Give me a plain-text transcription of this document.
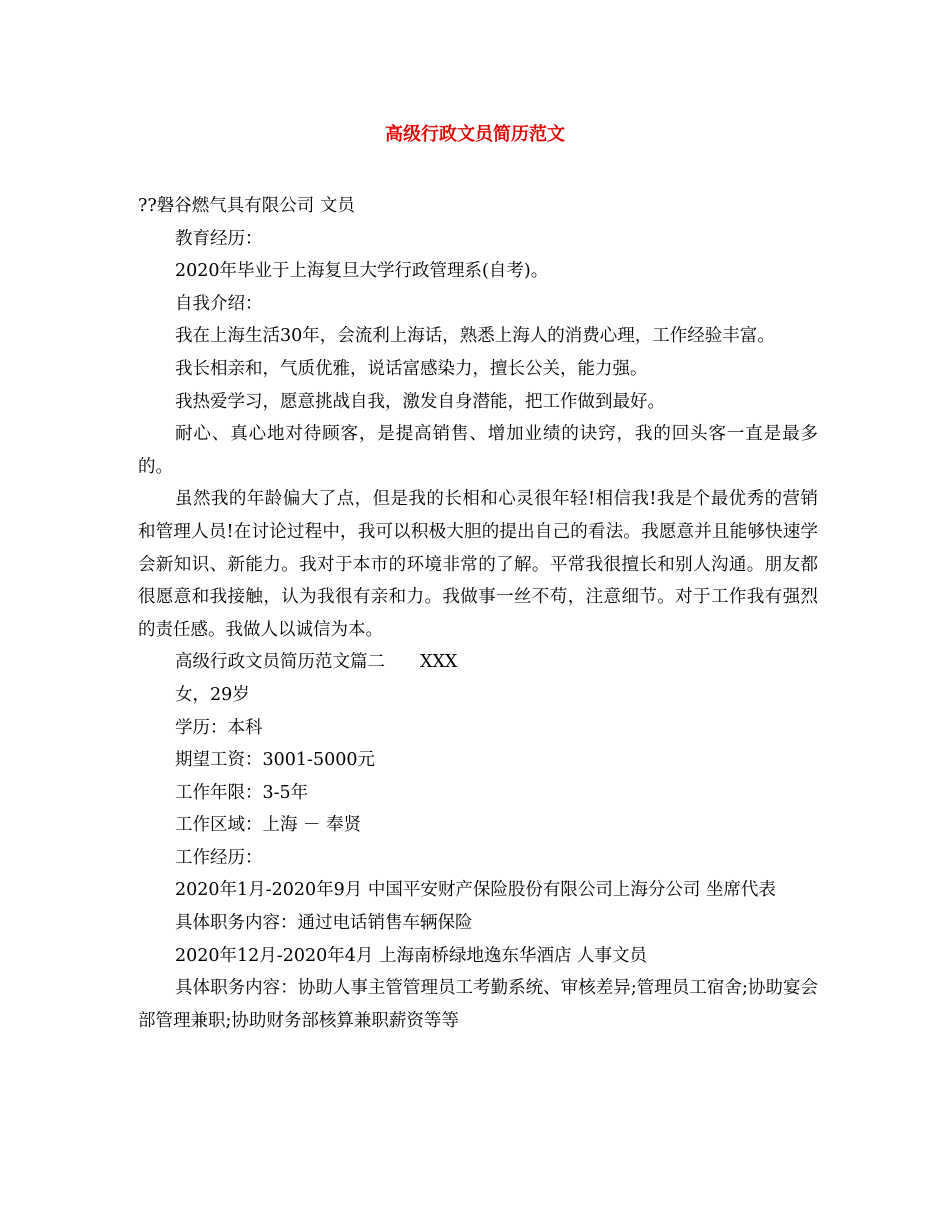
高级行政文员简历范文

??磐谷燃气具有限公司 文员

教育经历：

2020年毕业于上海复旦大学行政管理系(自考)。

自我介绍：

我在上海生活30年，会流利上海话，熟悉上海人的消费心理，工作经验丰富。

我长相亲和，气质优雅，说话富感染力，擅长公关，能力强。

我热爱学习，愿意挑战自我，激发自身潜能，把工作做到最好。

耐心、真心地对待顾客，是提高销售、增加业绩的诀窍，我的回头客一直是最多的。

虽然我的年龄偏大了点，但是我的长相和心灵很年轻!相信我!我是个最优秀的营销和管理人员!在讨论过程中，我可以积极大胆的提出自己的看法。我愿意并且能够快速学会新知识、新能力。我对于本市的环境非常的了解。平常我很擅长和别人沟通。朋友都很愿意和我接触，认为我很有亲和力。我做事一丝不苟，注意细节。对于工作我有强烈的责任感。我做人以诚信为本。

高级行政文员简历范文篇二　　XXX

女，29岁

学历：本科

期望工资：3001-5000元

工作年限：3-5年

工作区域：上海 － 奉贤

工作经历：

2020年1月-2020年9月 中国平安财产保险股份有限公司上海分公司 坐席代表

具体职务内容：通过电话销售车辆保险

2020年12月-2020年4月 上海南桥绿地逸东华酒店 人事文员

具体职务内容：协助人事主管管理员工考勤系统、审核差异;管理员工宿舍;协助宴会部管理兼职;协助财务部核算兼职薪资等等
